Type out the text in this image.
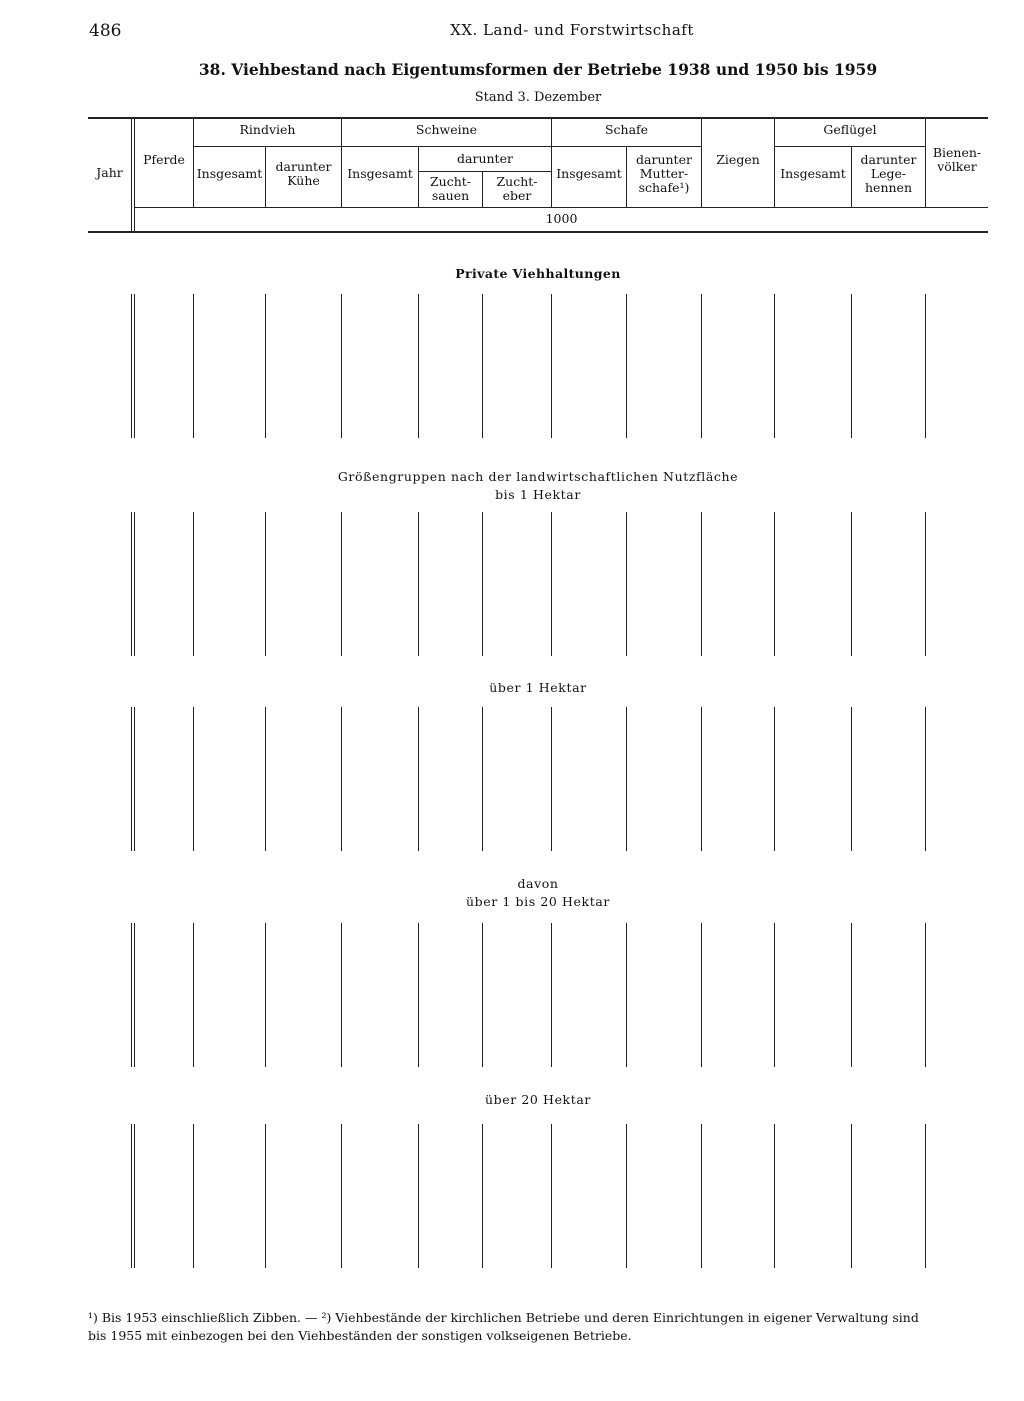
486	XX. Land- und Forstwirtschaft
38. Viehbestand nach Eigentumsformen der Betriebe 1938 und 1950 bis 1959
Stand 3. Dezember
Jahr
Pferde
Rindvieh
Insgesamt	darunter
Kühe
Schweine
Insgesamt
darunter
Zucht-
sauen
Zucht-
eber
Schafe
Insgesamt
darunter
Mutter-
schafe¹)
Ziegen
Geflügel
Insgesamt
darunter
Lege-
hennen
Bienen-
völker
1000
Private Viehhaltungen
Größengruppen nach der landwirtschaftlichen Nutzfläche
bis 1 Hektar
über 1 Hektar
davon
über 1 bis 20 Hektar
über 20 Hektar
¹) Bis 1953 einschließlich Zibben. — ²) Viehbestände der kirchlichen Betriebe und deren Einrichtungen in eigener Verwaltung sind
bis 1955 mit einbezogen bei den Viehbeständen der sonstigen volkseigenen Betriebe.
